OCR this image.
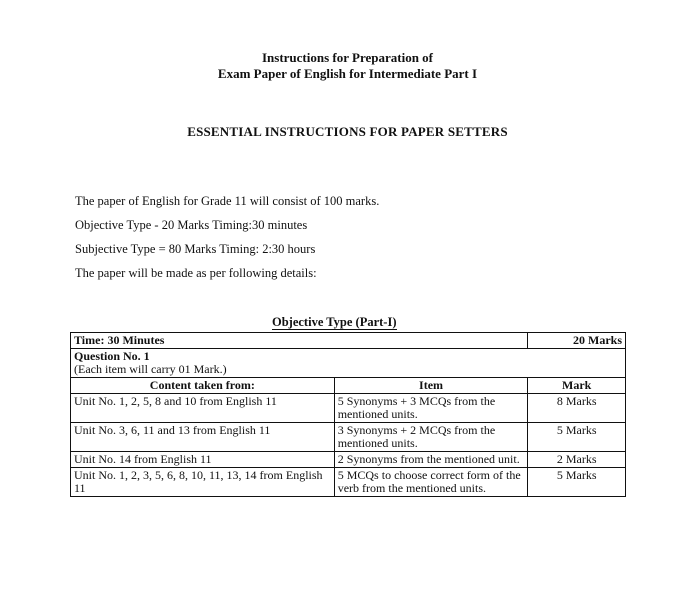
Instructions for Preparation of
Exam Paper of English for Intermediate Part I
ESSENTIAL INSTRUCTIONS FOR PAPER SETTERS
The paper of English for Grade 11 will consist of 100 marks.
Objective Type - 20 Marks Timing:30 minutes
Subjective Type = 80 Marks Timing: 2:30 hours
The paper will be made as per following details:
Objective Type (Part-I)
Time: 30 Minutes		20 Marks

Question No. 1
(Each item will carry 01 Mark.)		

Content taken from:	Item	Mark
Unit No. 1, 2, 5, 8 and 10 from English 11	5 Synonyms + 3 MCQs from the mentioned units.	8 Marks
Unit No. 3, 6, 11 and 13 from English 11	3 Synonyms + 2 MCQs from the mentioned units.	5 Marks
Unit No. 14 from English 11	2 Synonyms from the mentioned unit.	2 Marks
Unit No. 1, 2, 3, 5, 6, 8, 10, 11, 13, 14 from English 11	5 MCQs to choose correct form of the verb from the mentioned units.	5 Marks
